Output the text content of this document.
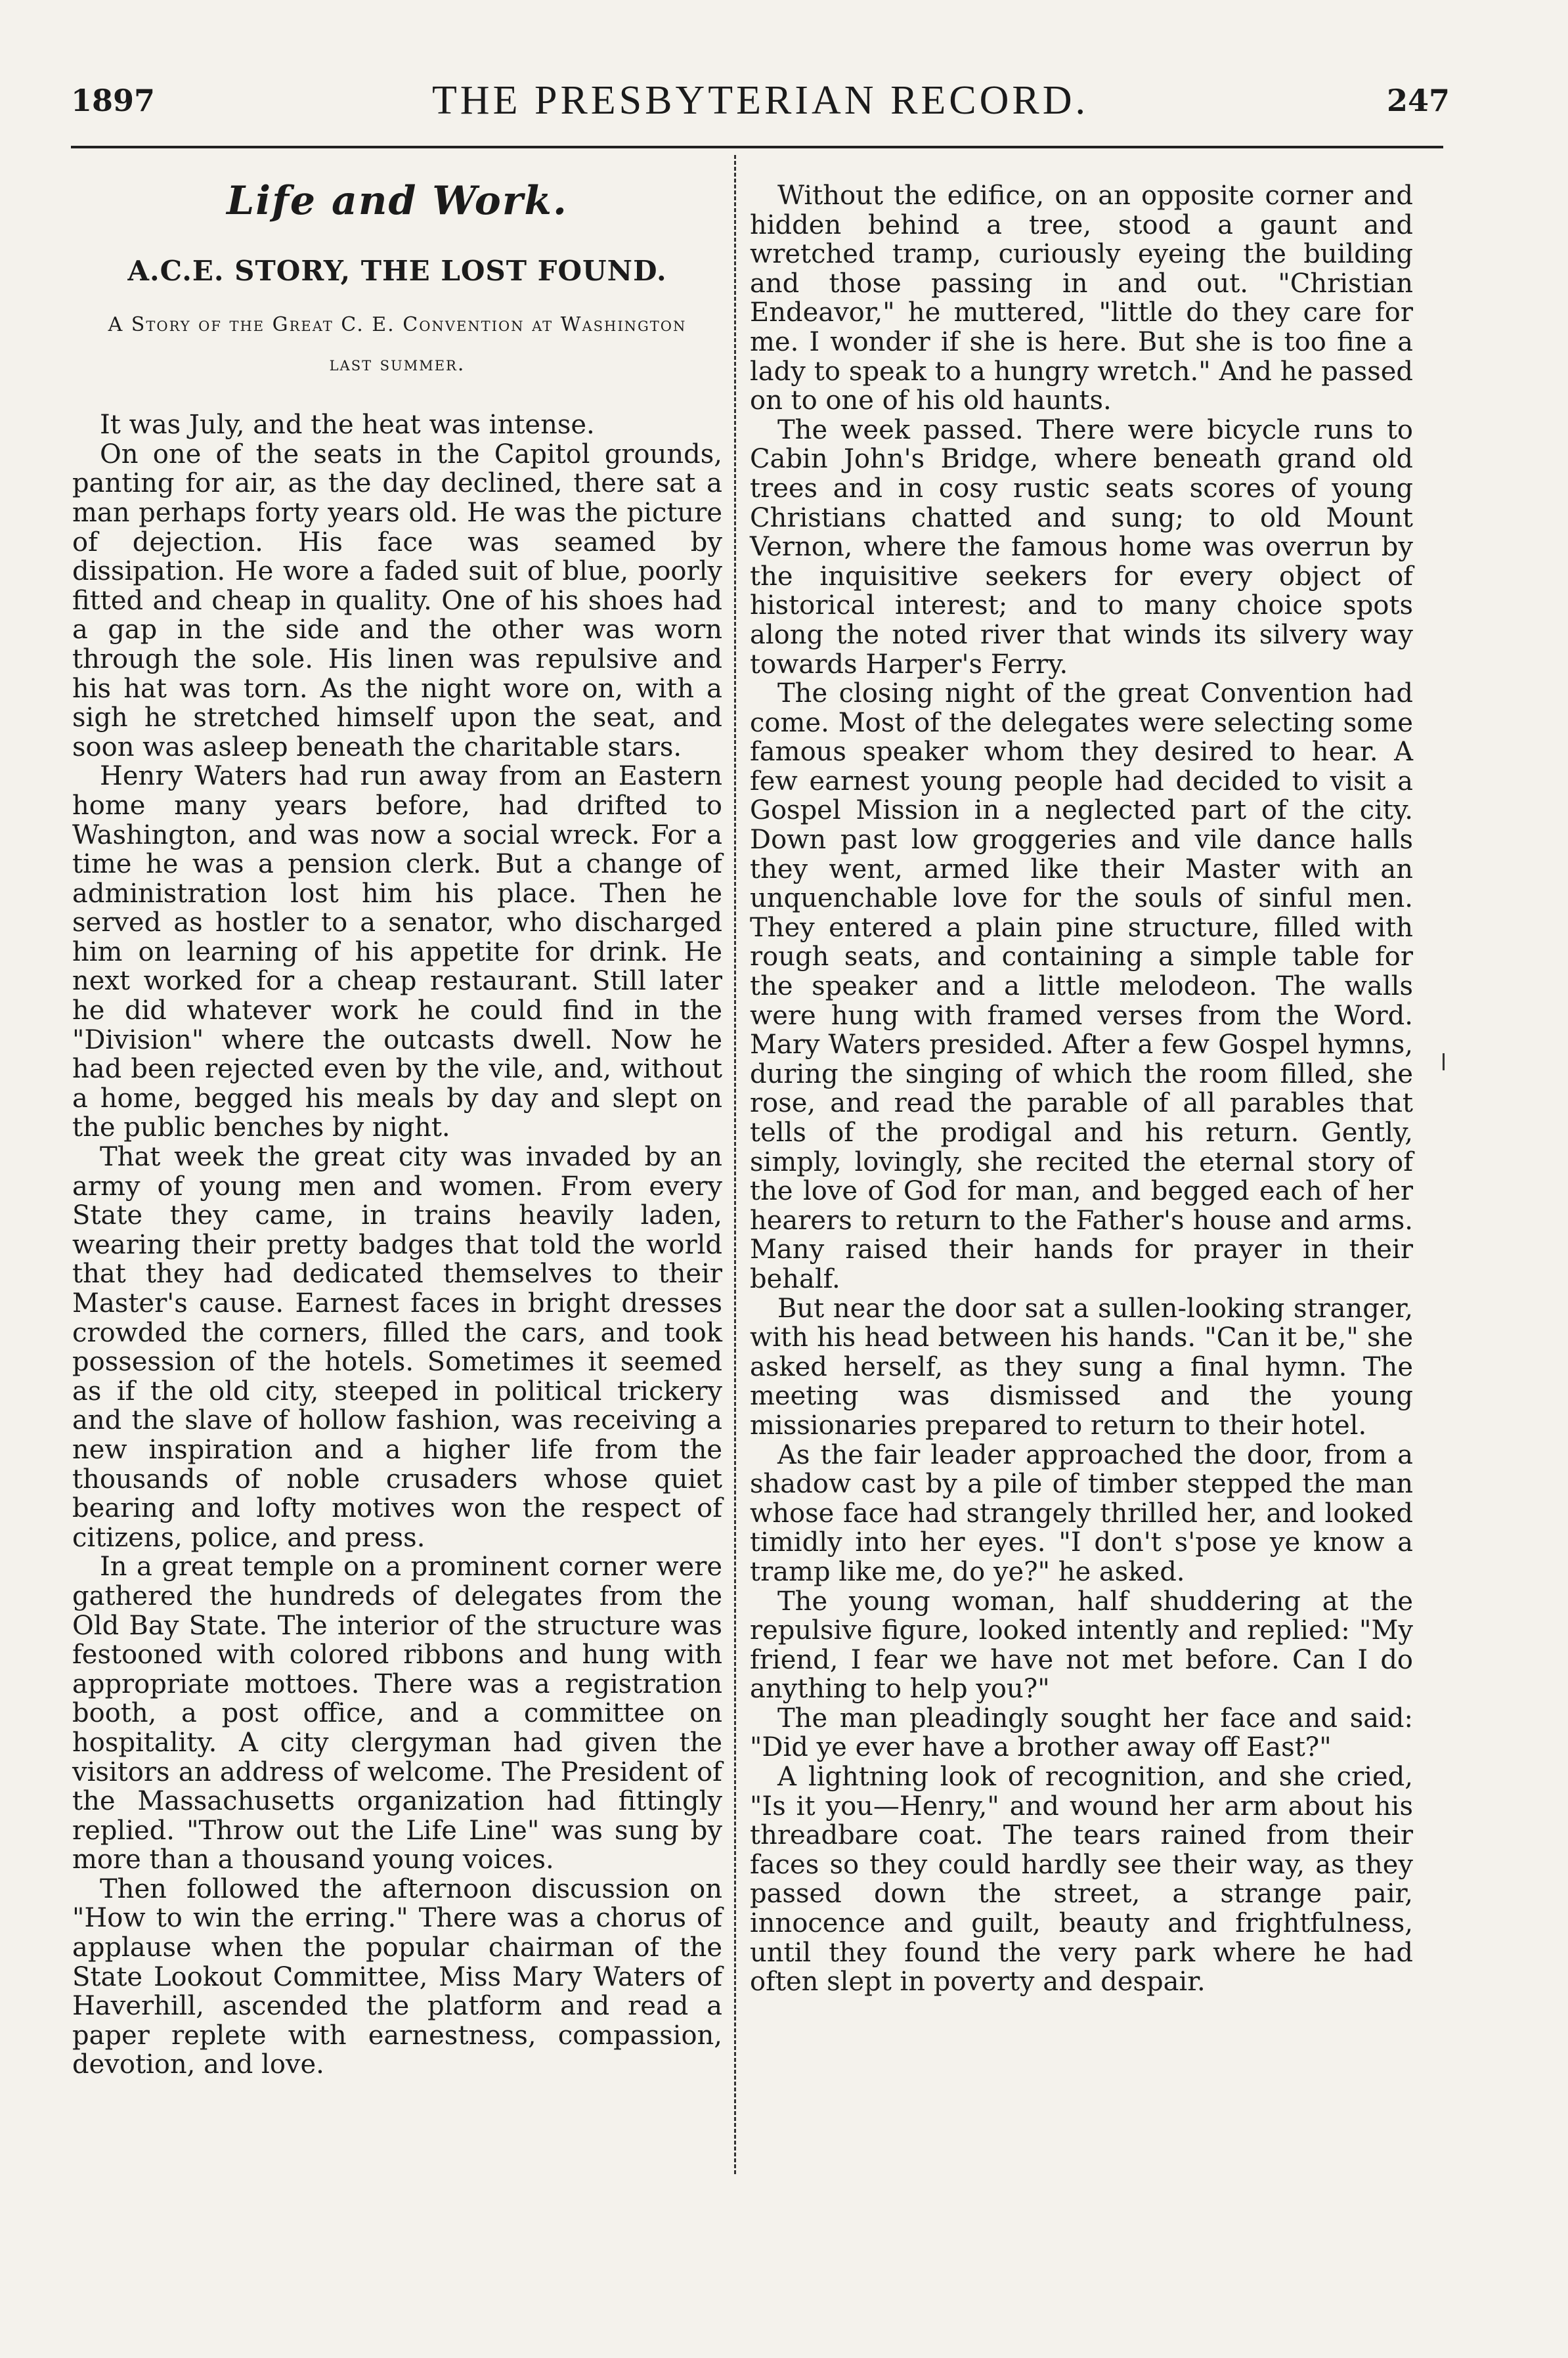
1897	THE PRESBYTERIAN RECORD.	247
Life and Work.
A.C.E. STORY, THE LOST FOUND.
A Story of the Great C. E. Convention at Washington last summer.

It was July, and the heat was intense.

On one of the seats in the Capitol grounds, panting for air, as the day declined, there sat a man perhaps forty years old. He was the picture of dejection. His face was seamed by dissipation. He wore a faded suit of blue, poorly fitted and cheap in quality. One of his shoes had a gap in the side and the other was worn through the sole. His linen was repulsive and his hat was torn. As the night wore on, with a sigh he stretched himself upon the seat, and soon was asleep beneath the charitable stars.

Henry Waters had run away from an Eastern home many years before, had drifted to Washington, and was now a social wreck. For a time he was a pension clerk. But a change of administration lost him his place. Then he served as hostler to a senator, who discharged him on learning of his appetite for drink. He next worked for a cheap restaurant. Still later he did whatever work he could find in the "Division" where the outcasts dwell. Now he had been rejected even by the vile, and, without a home, begged his meals by day and slept on the public benches by night.

That week the great city was invaded by an army of young men and women. From every State they came, in trains heavily laden, wearing their pretty badges that told the world that they had dedicated themselves to their Master's cause. Earnest faces in bright dresses crowded the corners, filled the cars, and took possession of the hotels. Sometimes it seemed as if the old city, steeped in political trickery and the slave of hollow fashion, was receiving a new inspiration and a higher life from the thousands of noble crusaders whose quiet bearing and lofty motives won the respect of citizens, police, and press.

In a great temple on a prominent corner were gathered the hundreds of delegates from the Old Bay State. The interior of the structure was festooned with colored ribbons and hung with appropriate mottoes. There was a registration booth, a post office, and a committee on hospitality. A city clergyman had given the visitors an address of welcome. The President of the Massachusetts organization had fittingly replied. "Throw out the Life Line" was sung by more than a thousand young voices.

Then followed the afternoon discussion on "How to win the erring." There was a chorus of applause when the popular chairman of the State Lookout Committee, Miss Mary Waters of Haverhill, ascended the platform and read a paper replete with earnestness, compassion, devotion, and love.

Without the edifice, on an opposite corner and hidden behind a tree, stood a gaunt and wretched tramp, curiously eyeing the building and those passing in and out. "Christian Endeavor," he muttered, "little do they care for me. I wonder if she is here. But she is too fine a lady to speak to a hungry wretch." And he passed on to one of his old haunts.

The week passed. There were bicycle runs to Cabin John's Bridge, where beneath grand old trees and in cosy rustic seats scores of young Christians chatted and sung; to old Mount Vernon, where the famous home was overrun by the inquisitive seekers for every object of historical interest; and to many choice spots along the noted river that winds its silvery way towards Harper's Ferry.

The closing night of the great Convention had come. Most of the delegates were selecting some famous speaker whom they desired to hear. A few earnest young people had decided to visit a Gospel Mission in a neglected part of the city. Down past low groggeries and vile dance halls they went, armed like their Master with an unquenchable love for the souls of sinful men. They entered a plain pine structure, filled with rough seats, and containing a simple table for the speaker and a little melodeon. The walls were hung with framed verses from the Word. Mary Waters presided. After a few Gospel hymns, during the singing of which the room filled, she rose, and read the parable of all parables that tells of the prodigal and his return. Gently, simply, lovingly, she recited the eternal story of the love of God for man, and begged each of her hearers to return to the Father's house and arms. Many raised their hands for prayer in their behalf.

But near the door sat a sullen-looking stranger, with his head between his hands. "Can it be," she asked herself, as they sung a final hymn. The meeting was dismissed and the young missionaries prepared to return to their hotel.

As the fair leader approached the door, from a shadow cast by a pile of timber stepped the man whose face had strangely thrilled her, and looked timidly into her eyes. "I don't s'pose ye know a tramp like me, do ye?" he asked.

The young woman, half shuddering at the repulsive figure, looked intently and replied: "My friend, I fear we have not met before. Can I do anything to help you?"

The man pleadingly sought her face and said: "Did ye ever have a brother away off East?"

A lightning look of recognition, and she cried, "Is it you—Henry," and wound her arm about his threadbare coat. The tears rained from their faces so they could hardly see their way, as they passed down the street, a strange pair, innocence and guilt, beauty and frightfulness, until they found the very park where he had often slept in poverty and despair.
